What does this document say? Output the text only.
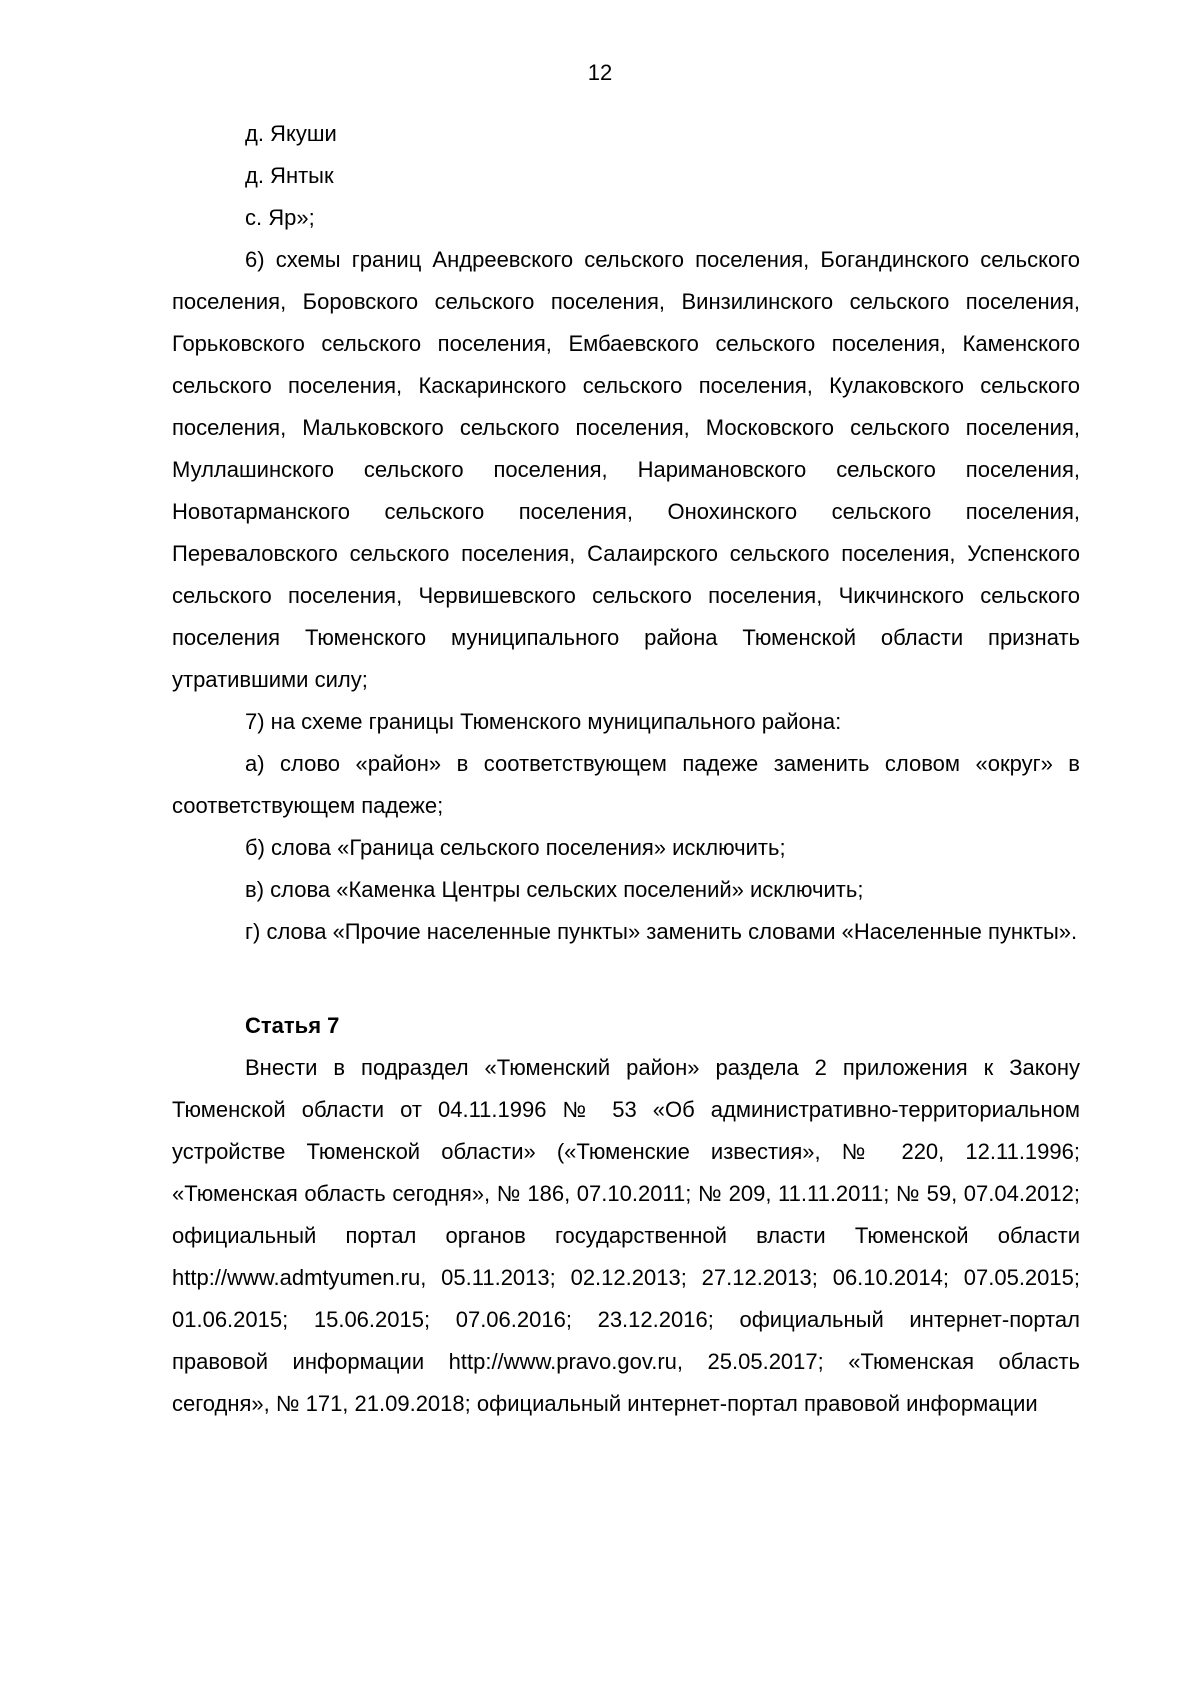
12

д. Якуши

д. Янтык

с. Яр»;

6) схемы границ Андреевского сельского поселения, Богандинского сельского поселения, Боровского сельского поселения, Винзилинского сельского поселения, Горьковского сельского поселения, Ембаевского сельского поселения, Каменского сельского поселения, Каскаринского сельского поселения, Кулаковского сельского поселения, Мальковского сельского поселения, Московского сельского поселения, Муллашинского сельского поселения, Наримановского сельского поселения, Новотарманского сельского поселения, Онохинского сельского поселения, Переваловского сельского поселения, Салаирского сельского поселения, Успенского сельского поселения, Червишевского сельского поселения, Чикчинского сельского поселения Тюменского муниципального района Тюменской области признать утратившими силу;

7) на схеме границы Тюменского муниципального района:

а) слово «район» в соответствующем падеже заменить словом «округ» в соответствующем падеже;

б) слова «Граница сельского поселения» исключить;

в) слова «Каменка Центры сельских поселений» исключить;

г) слова «Прочие населенные пункты» заменить словами «Населенные пункты».

Статья 7

Внести в подраздел «Тюменский район» раздела 2 приложения к Закону Тюменской области от 04.11.1996 № 53 «Об административно-территориальном устройстве Тюменской области» («Тюменские известия», № 220, 12.11.1996; «Тюменская область сегодня», № 186, 07.10.2011; № 209, 11.11.2011; № 59, 07.04.2012; официальный портал органов государственной власти Тюменской области http://www.admtyumen.ru, 05.11.2013; 02.12.2013; 27.12.2013; 06.10.2014; 07.05.2015; 01.06.2015; 15.06.2015; 07.06.2016; 23.12.2016; официальный интернет-портал правовой информации http://www.pravo.gov.ru, 25.05.2017; «Тюменская область сегодня», № 171, 21.09.2018; официальный интернет-портал правовой информации
